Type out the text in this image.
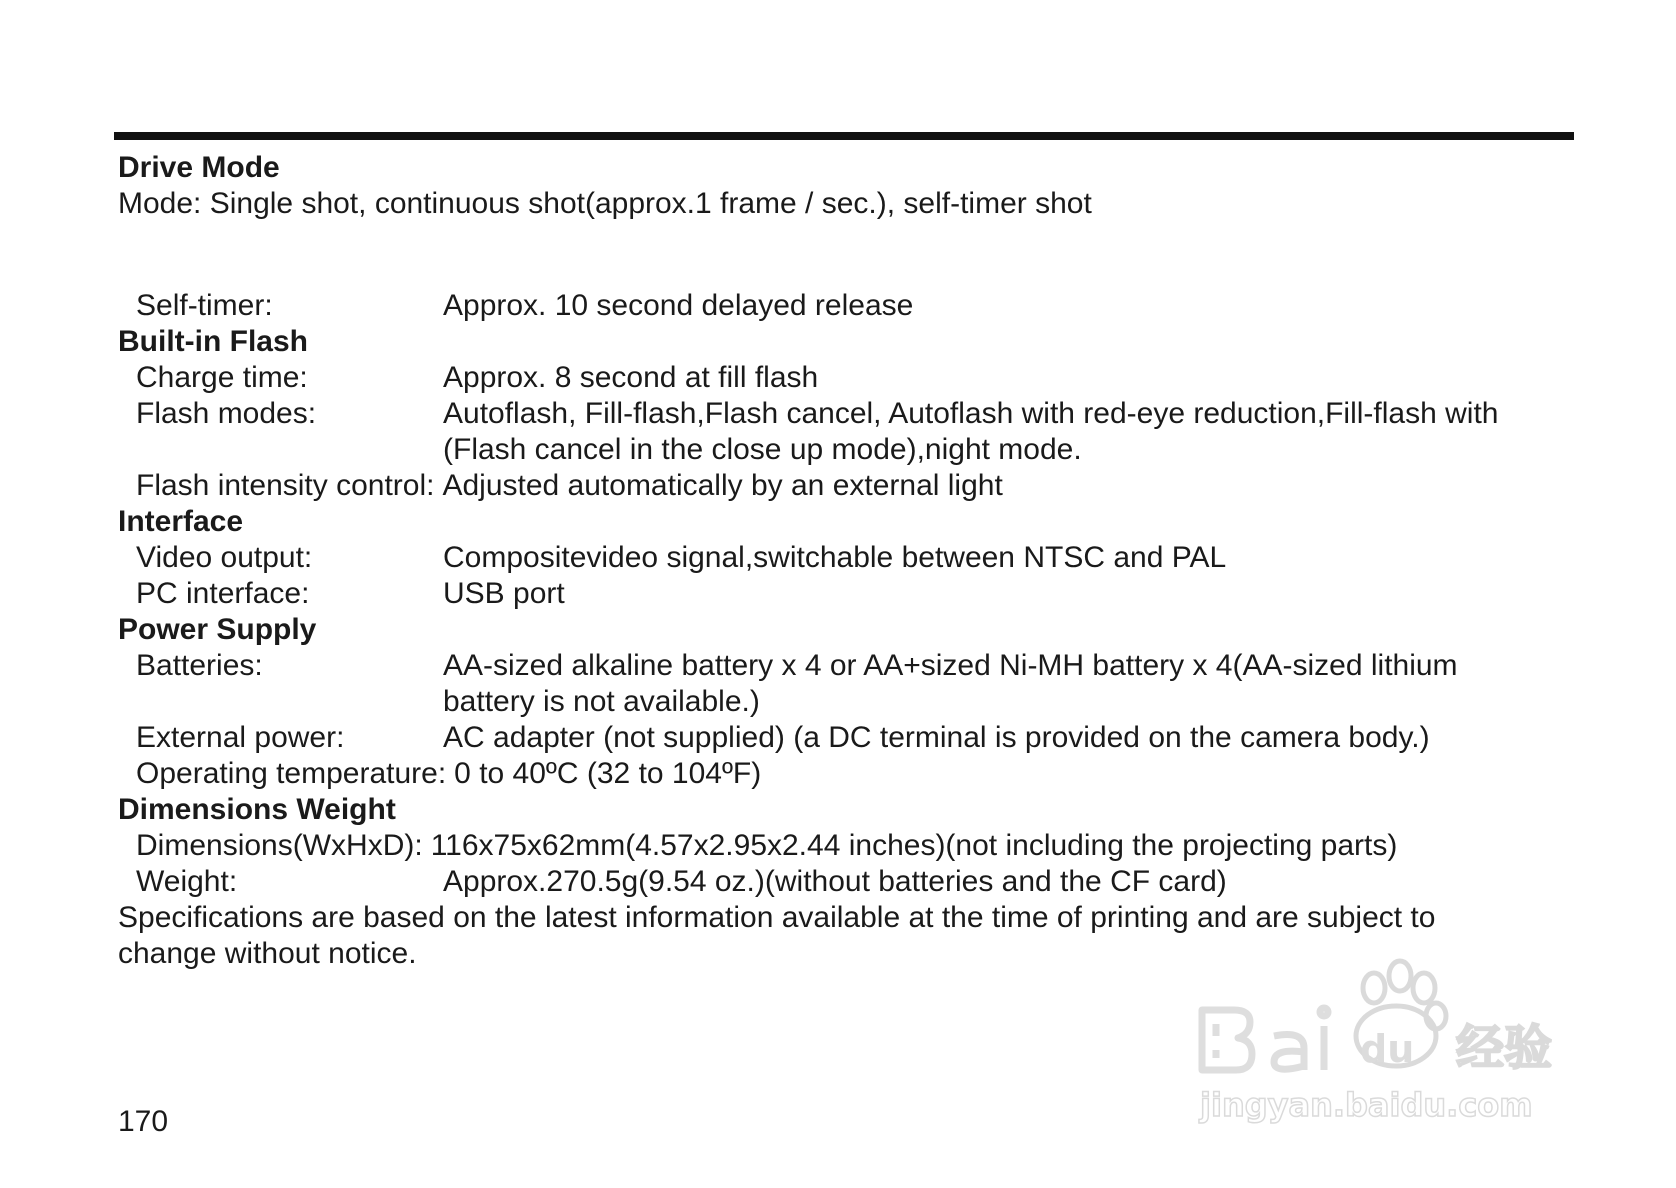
Drive Mode
Mode: Single shot, continuous shot(approx.1 frame / sec.), self-timer shot
Self-timer:	Approx. 10 second delayed release
Built-in Flash
Charge time:	Approx. 8 second at fill flash
Flash modes:	Autoflash, Fill-flash,Flash cancel, Autoflash with red-eye reduction,Fill-flash with
(Flash cancel in the close up mode),night mode.
Flash intensity control: Adjusted automatically by an external light
Interface
Video output:	Compositevideo signal,switchable between NTSC and PAL
PC interface:	USB port
Power Supply
Batteries:	AA-sized alkaline battery x 4 or AA+sized Ni-MH battery x 4(AA-sized lithium
battery is not available.)
External power:	AC adapter (not supplied) (a DC terminal is provided on the camera body.)
Operating temperature: 0 to 40ºC (32 to 104ºF)
Dimensions Weight
Dimensions(WxHxD): 116x75x62mm(4.57x2.95x2.44 inches)(not including the projecting parts)
Weight:	Approx.270.5g(9.54 oz.)(without batteries and the CF card)
Specifications are based on the latest information available at the time of printing and are subject to
change without notice.
170
du 经验
jingyan.baidu.com
